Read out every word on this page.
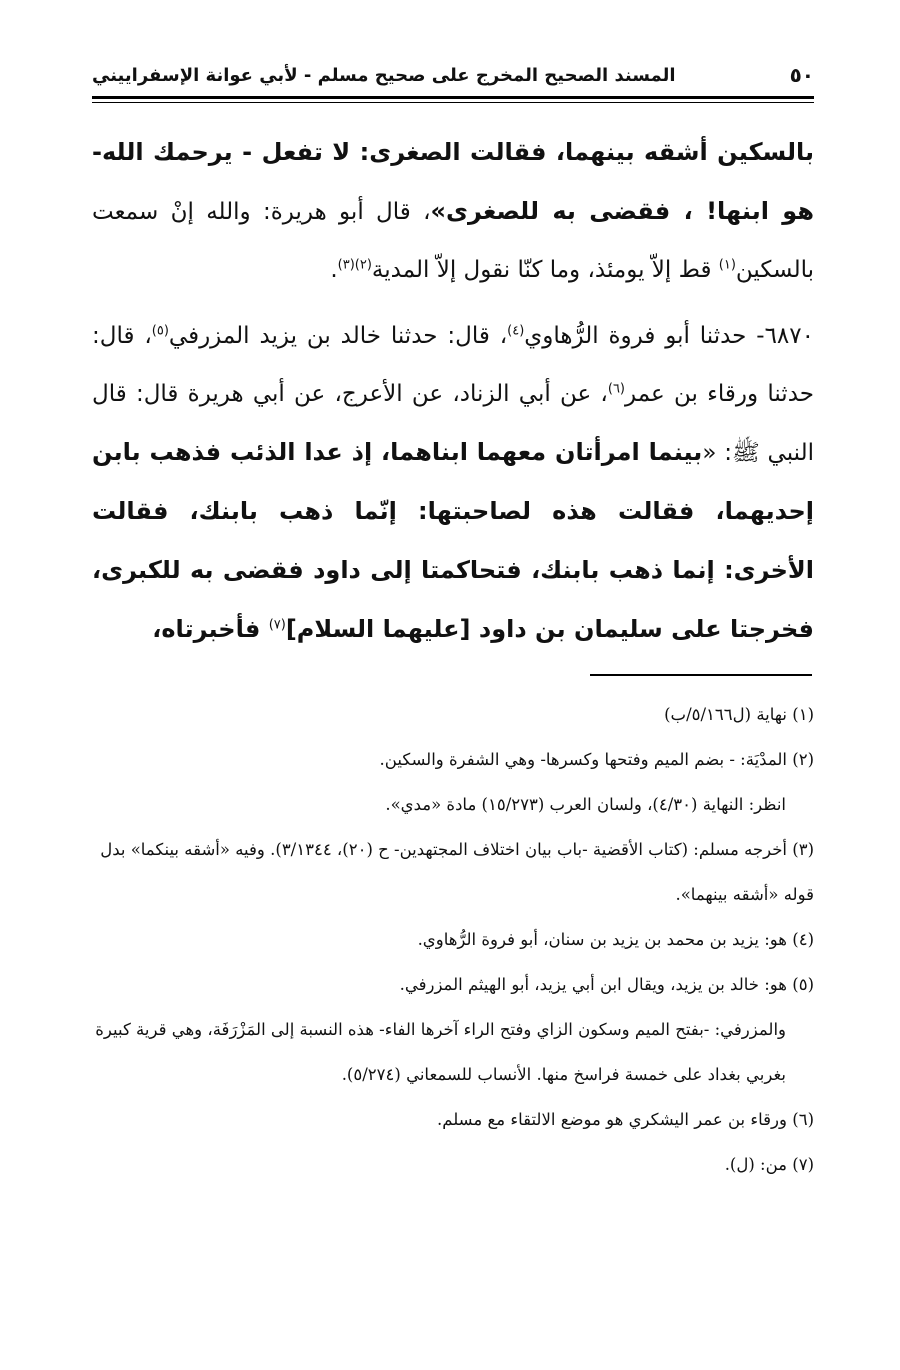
٥٠
المسند الصحيح المخرج على صحيح مسلم - لأبي عوانة الإسفراييني

بالسكين أشقه بينهما، فقالت الصغرى: لا تفعل - يرحمك الله- هو ابنها! ، فقضى به للصغرى»، قال أبو هريرة: والله إنْ سمعت بالسكين$^{(١)}$ قط إلاّ يومئذ، وما كنّا نقول إلاّ المدية$^{(٢)(٣)}$.

٦٨٧٠- حدثنا أبو فروة الرُّهاوي$^{(٤)}$، قال: حدثنا خالد بن يزيد المزرفي$^{(٥)}$، قال: حدثنا ورقاء بن عمر$^{(٦)}$، عن أبي الزناد، عن الأعرج، عن أبي هريرة قال: قال النبي ﷺ: «بينما امرأتان معهما ابناهما، إذ عدا الذئب فذهب بابن إحديهما، فقالت هذه لصاحبتها: إنّما ذهب بابنك، فقالت الأخرى: إنما ذهب بابنك، فتحاكمتا إلى داود فقضى به للكبرى، فخرجتا على سليمان بن داود [عليهما السلام]$^{(٧)}$ فأخبرتاه،

(١) نهاية (ل٥/١٦٦/ب)

(٢) المدْيَة: - بضم الميم وفتحها وكسرها- وهي الشفرة والسكين.

انظر: النهاية (٤/٣٠)، ولسان العرب (١٥/٢٧٣) مادة «مدي».

(٣) أخرجه مسلم: (كتاب الأقضية -باب بيان اختلاف المجتهدين- ح (٢٠)، ٣/١٣٤٤). وفيه «أشقه بينكما» بدل قوله «أشقه بينهما».

(٤) هو: يزيد بن محمد بن يزيد بن سنان، أبو فروة الرُّهاوي.

(٥) هو: خالد بن يزيد، ويقال ابن أبي يزيد، أبو الهيثم المزرفي.

والمزرفي: -بفتح الميم وسكون الزاي وفتح الراء آخرها الفاء- هذه النسبة إلى المَزْرَفَة، وهي قرية كبيرة بغربي بغداد على خمسة فراسخ منها. الأنساب للسمعاني (٥/٢٧٤).

(٦) ورقاء بن عمر اليشكري هو موضع الالتقاء مع مسلم.

(٧) من: (ل).
